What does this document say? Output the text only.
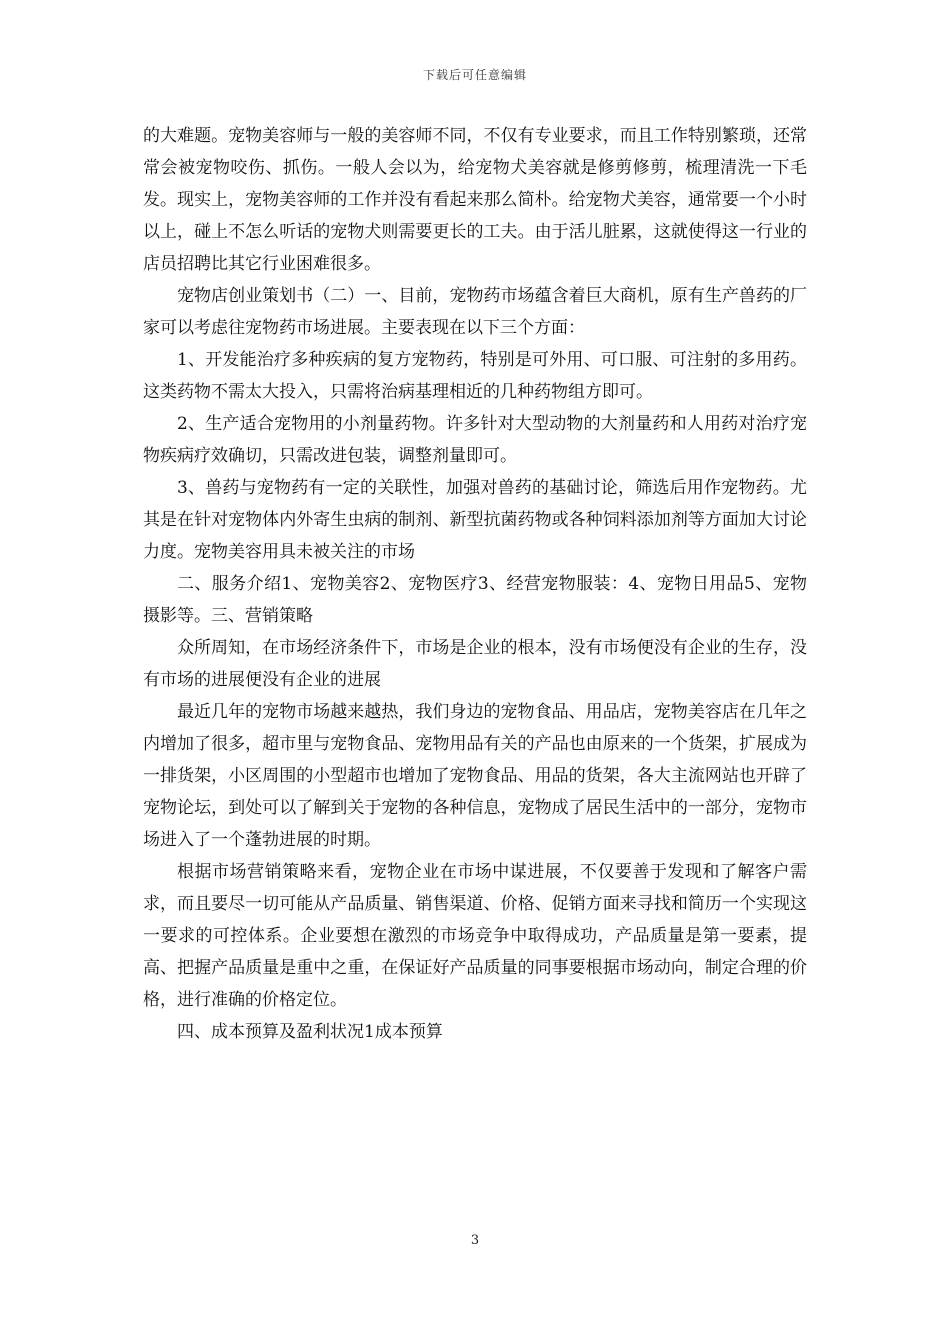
下载后可任意编辑

的大难题。宠物美容师与一般的美容师不同，不仅有专业要求，而且工作特别繁琐，还常常会被宠物咬伤、抓伤。一般人会以为，给宠物犬美容就是修剪修剪，梳理清洗一下毛发。现实上，宠物美容师的工作并没有看起来那么简朴。给宠物犬美容，通常要一个小时以上，碰上不怎么听话的宠物犬则需要更长的工夫。由于活儿脏累，这就使得这一行业的店员招聘比其它行业困难很多。

宠物店创业策划书（二）一、目前，宠物药市场蕴含着巨大商机，原有生产兽药的厂家可以考虑往宠物药市场进展。主要表现在以下三个方面：

1、开发能治疗多种疾病的复方宠物药，特别是可外用、可口服、可注射的多用药。这类药物不需太大投入，只需将治病基理相近的几种药物组方即可。

2、生产适合宠物用的小剂量药物。许多针对大型动物的大剂量药和人用药对治疗宠物疾病疗效确切，只需改进包装，调整剂量即可。

3、兽药与宠物药有一定的关联性，加强对兽药的基础讨论，筛选后用作宠物药。尤其是在针对宠物体内外寄生虫病的制剂、新型抗菌药物或各种饲料添加剂等方面加大讨论力度。宠物美容用具未被关注的市场

二、服务介绍1、宠物美容2、宠物医疗3、经营宠物服装：4、宠物日用品5、宠物摄影等。三、营销策略

众所周知，在市场经济条件下，市场是企业的根本，没有市场便没有企业的生存，没有市场的进展便没有企业的进展

最近几年的宠物市场越来越热，我们身边的宠物食品、用品店，宠物美容店在几年之内增加了很多，超市里与宠物食品、宠物用品有关的产品也由原来的一个货架，扩展成为一排货架，小区周围的小型超市也增加了宠物食品、用品的货架，各大主流网站也开辟了宠物论坛，到处可以了解到关于宠物的各种信息，宠物成了居民生活中的一部分，宠物市场进入了一个蓬勃进展的时期。

根据市场营销策略来看，宠物企业在市场中谋进展，不仅要善于发现和了解客户需求，而且要尽一切可能从产品质量、销售渠道、价格、促销方面来寻找和简历一个实现这一要求的可控体系。企业要想在激烈的市场竞争中取得成功，产品质量是第一要素，提高、把握产品质量是重中之重，在保证好产品质量的同事要根据市场动向，制定合理的价格，进行准确的价格定位。

四、成本预算及盈利状况1成本预算

3
